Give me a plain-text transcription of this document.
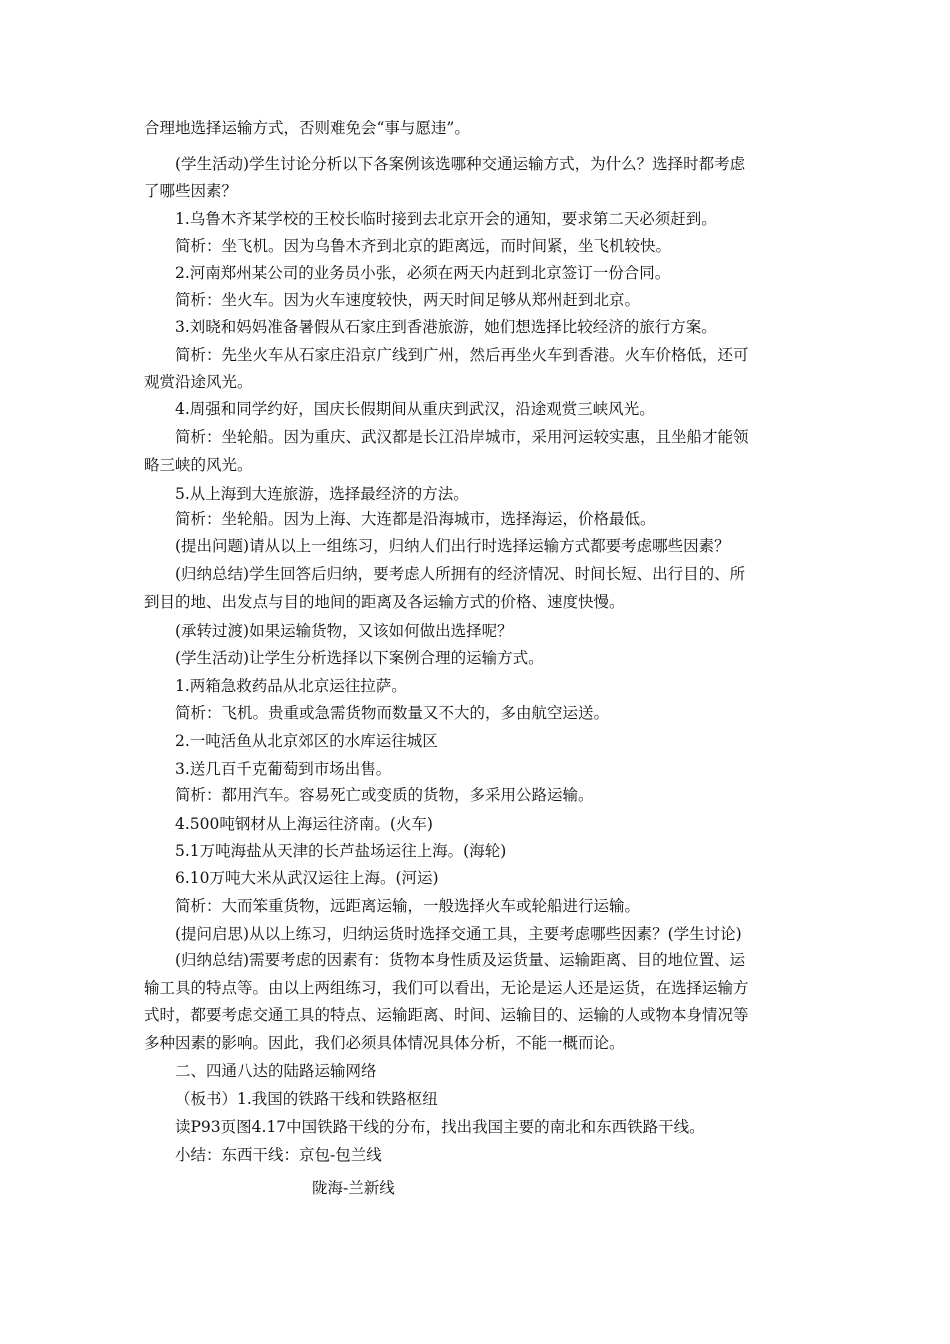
合理地选择运输方式，否则难免会“事与愿违”。
(学生活动)学生讨论分析以下各案例该选哪种交通运输方式，为什么？选择时都考虑
了哪些因素？
1.乌鲁木齐某学校的王校长临时接到去北京开会的通知，要求第二天必须赶到。
简析：坐飞机。因为乌鲁木齐到北京的距离远，而时间紧，坐飞机较快。
2.河南郑州某公司的业务员小张，必须在两天内赶到北京签订一份合同。
简析：坐火车。因为火车速度较快，两天时间足够从郑州赶到北京。
3.刘晓和妈妈准备暑假从石家庄到香港旅游，她们想选择比较经济的旅行方案。
简析：先坐火车从石家庄沿京广线到广州，然后再坐火车到香港。火车价格低，还可
观赏沿途风光。
4.周强和同学约好，国庆长假期间从重庆到武汉，沿途观赏三峡风光。
简析：坐轮船。因为重庆、武汉都是长江沿岸城市，采用河运较实惠，且坐船才能领
略三峡的风光。
5.从上海到大连旅游，选择最经济的方法。
简析：坐轮船。因为上海、大连都是沿海城市，选择海运，价格最低。
(提出问题)请从以上一组练习，归纳人们出行时选择运输方式都要考虑哪些因素？
(归纳总结)学生回答后归纳，要考虑人所拥有的经济情况、时间长短、出行目的、所
到目的地、出发点与目的地间的距离及各运输方式的价格、速度快慢。
(承转过渡)如果运输货物，又该如何做出选择呢？
(学生活动)让学生分析选择以下案例合理的运输方式。
1.两箱急救药品从北京运往拉萨。
简析：飞机。贵重或急需货物而数量又不大的，多由航空运送。
2.一吨活鱼从北京郊区的水库运往城区
3.送几百千克葡萄到市场出售。
简析：都用汽车。容易死亡或变质的货物，多采用公路运输。
4.500吨钢材从上海运往济南。(火车)
5.1万吨海盐从天津的长芦盐场运往上海。(海轮)
6.10万吨大米从武汉运往上海。(河运)
简析：大而笨重货物，远距离运输，一般选择火车或轮船进行运输。
(提问启思)从以上练习，归纳运货时选择交通工具，主要考虑哪些因素？(学生讨论)
(归纳总结)需要考虑的因素有：货物本身性质及运货量、运输距离、目的地位置、运
输工具的特点等。由以上两组练习，我们可以看出，无论是运人还是运货，在选择运输方
式时，都要考虑交通工具的特点、运输距离、时间、运输目的、运输的人或物本身情况等
多种因素的影响。因此，我们必须具体情况具体分析，不能一概而论。
二、四通八达的陆路运输网络
（板书）1.我国的铁路干线和铁路枢纽
读P93页图4.17中国铁路干线的分布，找出我国主要的南北和东西铁路干线。
小结：东西干线：京包-包兰线
陇海-兰新线
